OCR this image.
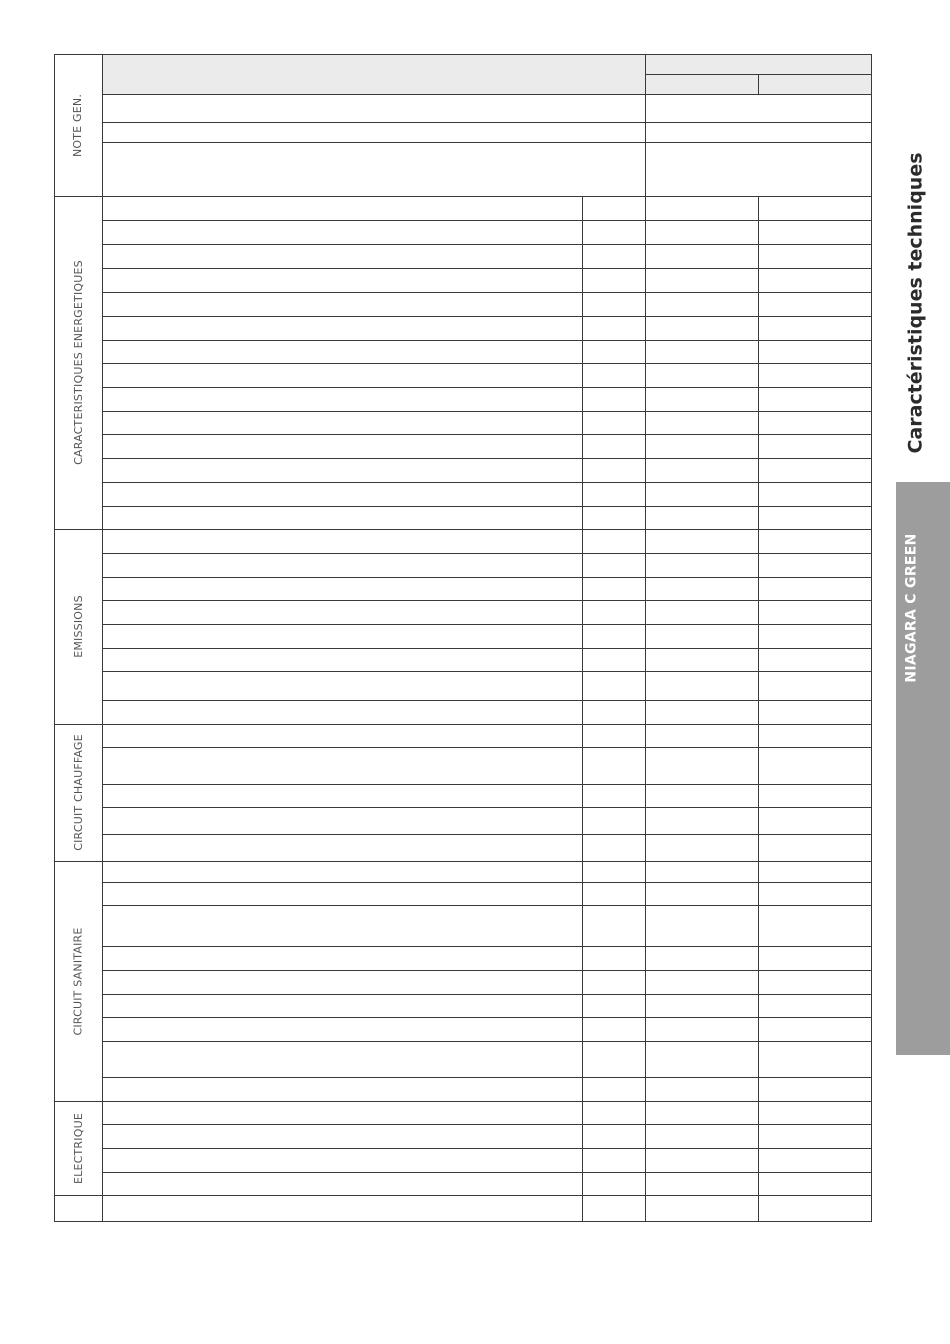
NOTE GEN.
CARACTERISTIQUES ENERGETIQUES
EMISSIONS
CIRCUIT CHAUFFAGE
CIRCUIT SANITAIRE
ELECTRIQUE
Caractéristiques techniques
NIAGARA C GREEN
